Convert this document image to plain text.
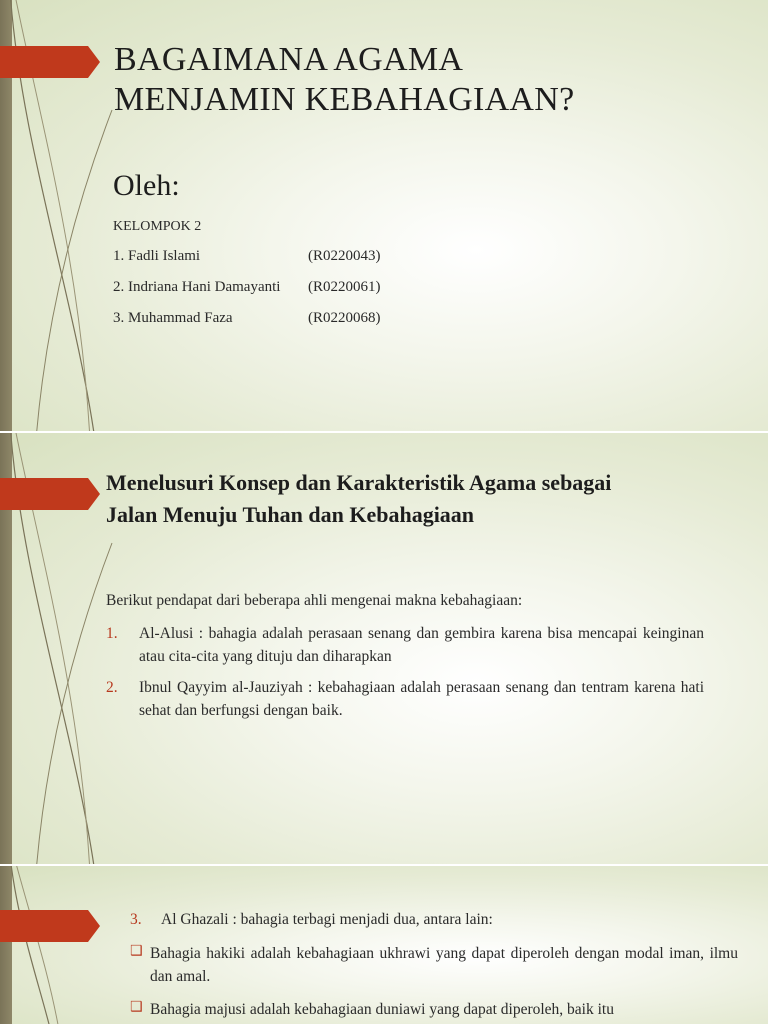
BAGAIMANA AGAMA
MENJAMIN KEBAHAGIAAN?

Oleh:

KELOMPOK 2

1. Fadli Islami	(R0220043)
2. Indriana Hani Damayanti (R0220061)
3. Muhammad Faza	(R0220068)
Menelusuri Konsep dan Karakteristik Agama sebagai
Jalan Menuju Tuhan dan Kebahagiaan

Berikut pendapat dari beberapa ahli mengenai makna kebahagiaan:

1. Al-Alusi : bahagia adalah perasaan senang dan gembira karena bisa mencapai keinginan atau cita-cita yang dituju dan diharapkan
2. Ibnul Qayyim al-Jauziyah : kebahagiaan adalah perasaan senang dan tentram karena hati sehat dan berfungsi dengan baik.
3. Al Ghazali : bahagia terbagi menjadi dua, antara lain:
❑ Bahagia hakiki adalah kebahagiaan ukhrawi yang dapat diperoleh dengan modal iman, ilmu dan amal.
❑ Bahagia majusi adalah kebahagiaan duniawi yang dapat diperoleh, baik itu
